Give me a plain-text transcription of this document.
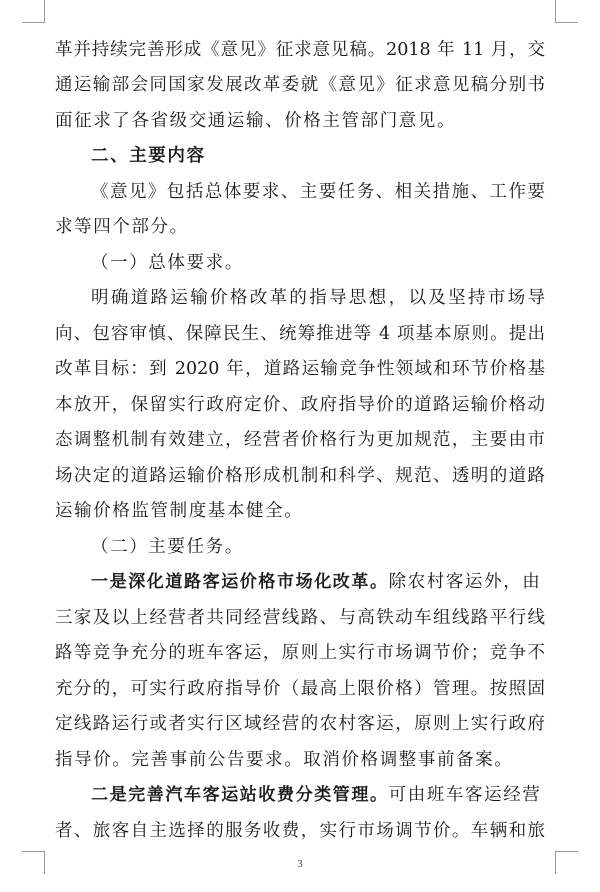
革并持续完善形成《意见》征求意见稿。2018 年 11 月，交
通运输部会同国家发展改革委就《意见》征求意见稿分别书
面征求了各省级交通运输、价格主管部门意见。
二、主要内容
《意见》包括总体要求、主要任务、相关措施、工作要
求等四个部分。
（一）总体要求。
明确道路运输价格改革的指导思想，以及坚持市场导
向、包容审慎、保障民生、统筹推进等 4 项基本原则。提出
改革目标：到 2020 年，道路运输竞争性领域和环节价格基
本放开，保留实行政府定价、政府指导价的道路运输价格动
态调整机制有效建立，经营者价格行为更加规范，主要由市
场决定的道路运输价格形成机制和科学、规范、透明的道路
运输价格监管制度基本健全。
（二）主要任务。
一是深化道路客运价格市场化改革。除农村客运外，由
三家及以上经营者共同经营线路、与高铁动车组线路平行线
路等竞争充分的班车客运，原则上实行市场调节价；竞争不
充分的，可实行政府指导价（最高上限价格）管理。按照固
定线路运行或者实行区域经营的农村客运，原则上实行政府
指导价。完善事前公告要求。取消价格调整事前备案。
二是完善汽车客运站收费分类管理。可由班车客运经营
者、旅客自主选择的服务收费，实行市场调节价。车辆和旅
3
